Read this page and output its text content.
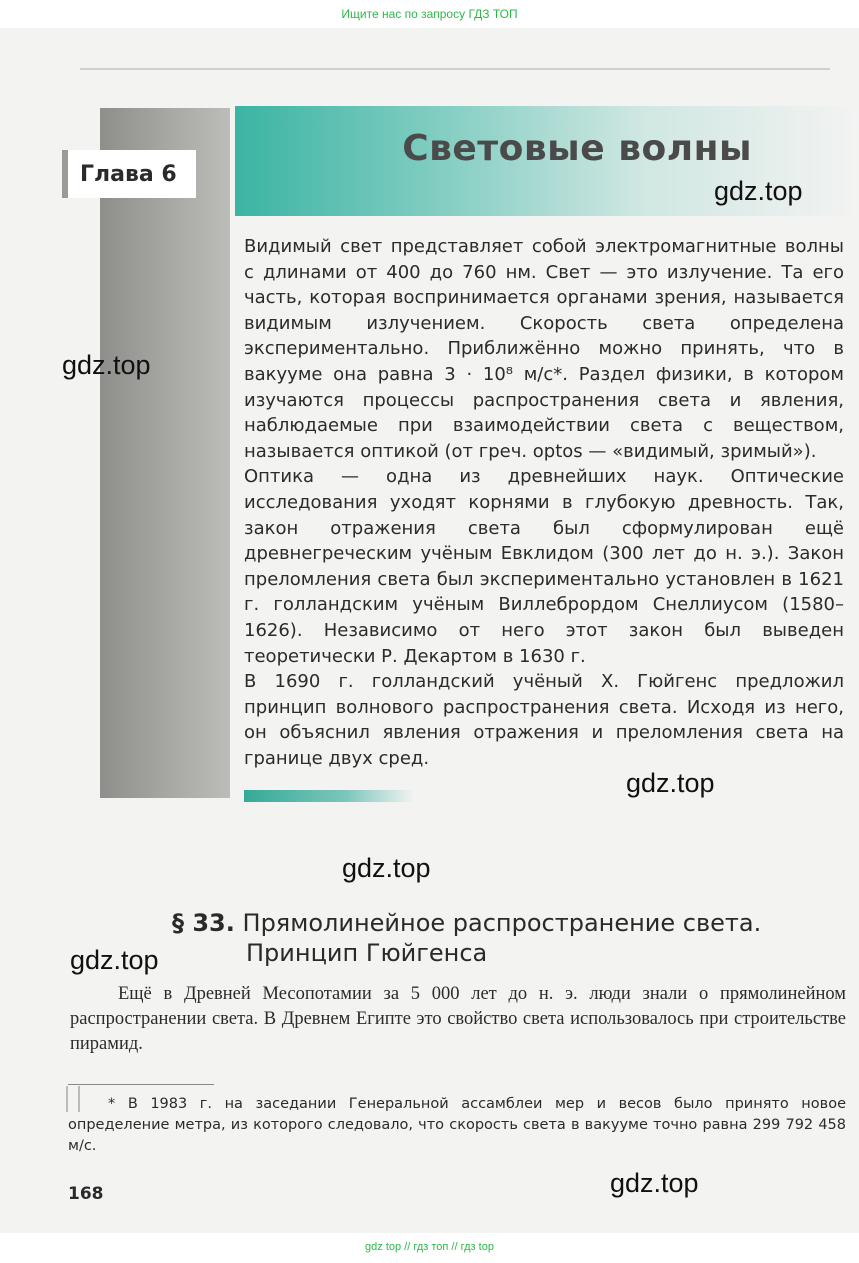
Ищите нас по запросу ГДЗ ТОП
Световые волны
Глава 6

Видимый свет представляет собой электромагнитные волны с длинами от 400 до 760 нм. Свет — это излучение. Та его часть, которая воспринимается органами зрения, называется видимым излучением. Скорость света определена экспериментально. Приближённо можно принять, что в вакууме она равна 3 · 10⁸ м/с*. Раздел физики, в котором изучаются процессы распространения света и явления, наблюдаемые при взаимодействии света с веществом, называется оптикой (от греч. optos — «видимый, зримый»).

Оптика — одна из древнейших наук. Оптические исследования уходят корнями в глубокую древность. Так, закон отражения света был сформулирован ещё древнегреческим учёным Евклидом (300 лет до н. э.). Закон преломления света был экспериментально установлен в 1621 г. голландским учёным Виллебрордом Снеллиусом (1580–1626). Независимо от него этот закон был выведен теоретически Р. Декартом в 1630 г.

В 1690 г. голландский учёный Х. Гюйгенс предложил принцип волнового распространения света. Исходя из него, он объяснил явления отражения и преломления света на границе двух сред.

§ 33. Прямолинейное распространение света.
Принцип Гюйгенса
Ещё в Древней Месопотамии за 5 000 лет до н. э. люди знали о прямолинейном распространении света. В Древнем Египте это свойство света использовалось при строительстве пирамид.
* В 1983 г. на заседании Генеральной ассамблеи мер и весов было принято новое определение метра, из которого следовало, что скорость света в вакууме точно равна 299 792 458 м/с.
168
gdz.top
gdz.top
gdz.top
gdz.top
gdz.top
gdz.top
gdz top // гдз топ // гдз top
